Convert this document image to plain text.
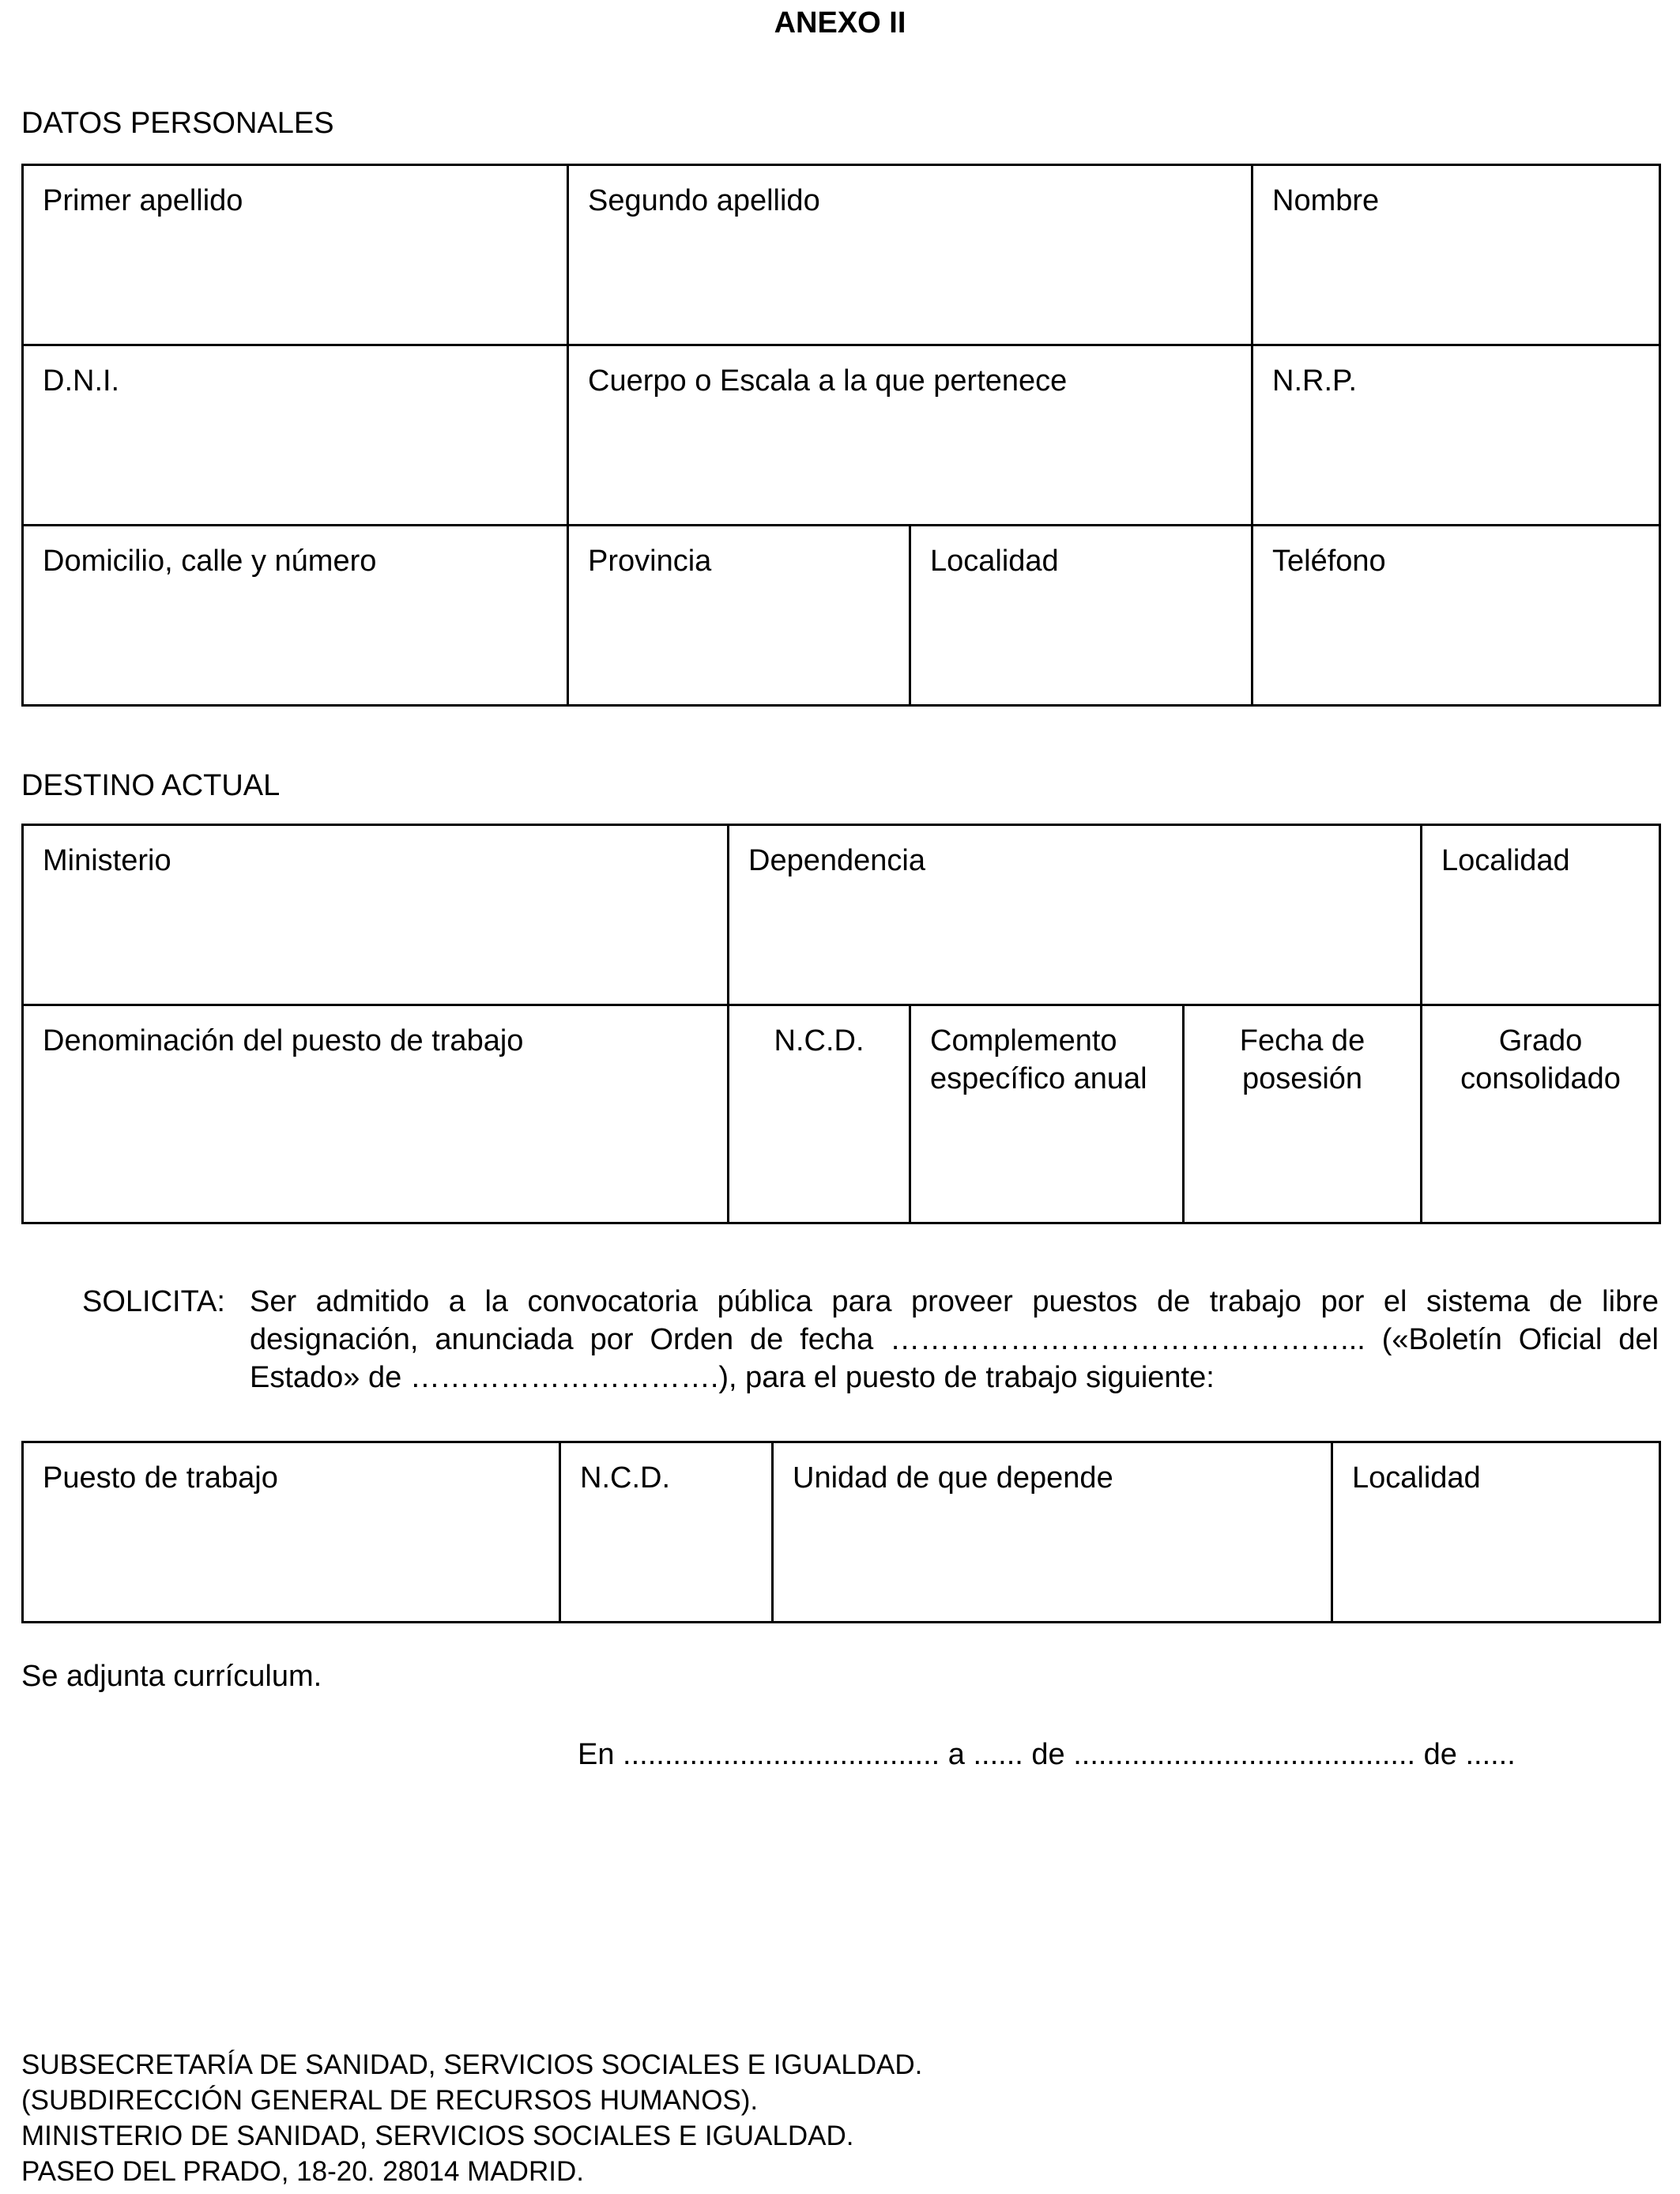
ANEXO II
DATOS PERSONALES
Primer apellido	Segundo apellido		Nombre
D.N.I.	Cuerpo o Escala a la que pertenece		N.R.P.
Domicilio, calle y número	Provincia	Localidad	Teléfono
DESTINO ACTUAL
Ministerio	Dependencia			Localidad
Denominación del puesto de trabajo	N.C.D.	Complemento específico anual	Fecha de posesión	Grado consolidado
SOLICITA: Ser admitido a la convocatoria pública para proveer puestos de trabajo por el sistema de libre designación, anunciada por Orden de fecha ………………………………………... («Boletín Oficial del Estado» de ………………………….), para el puesto de trabajo siguiente:
Puesto de trabajo	N.C.D.	Unidad de que depende	Localidad
Se adjunta currículum.
En ...................................... a ...... de ......................................... de ......
SUBSECRETARÍA DE SANIDAD, SERVICIOS SOCIALES E IGUALDAD.
(SUBDIRECCIÓN GENERAL DE RECURSOS HUMANOS).
MINISTERIO DE SANIDAD, SERVICIOS SOCIALES E IGUALDAD.
PASEO DEL PRADO, 18-20. 28014 MADRID.
